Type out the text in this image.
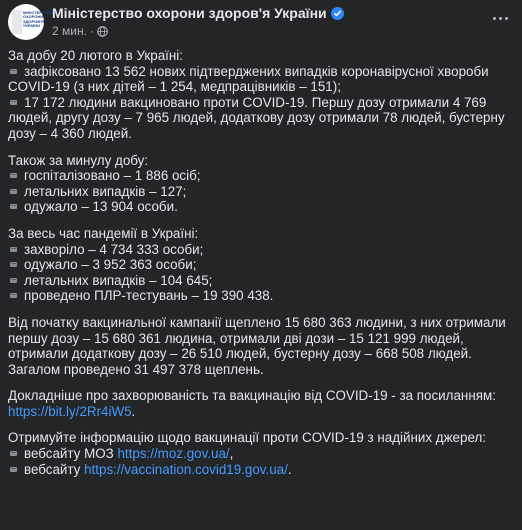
МІНІСТЕРСТВО ОХОРОНИ ЗДОРОВ'Я УКРАЇНИ
Міністерство охорони здоров'я України
2 мин. ·
За добу 20 лютого в Україні:
зафіксовано 13 562 нових підтверджених випадків коронавірусної хвороби
COVID-19 (з них дітей – 1 254, медпрацівників – 151);
17 172 людини вакциновано проти COVID-19. Першу дозу отримали 4 769
людей, другу дозу – 7 965 людей, додаткову дозу отримали 78 людей, бустерну
дозу – 4 360 людей.
Також за минулу добу:
госпіталізовано – 1 886 осіб;
летальних випадків – 127;
одужало – 13 904 особи.
За весь час пандемії в Україні:
захворіло – 4 734 333 особи;
одужало – 3 952 363 особи;
летальних випадків – 104 645;
проведено ПЛР-тестувань – 19 390 438.
Від початку вакцинальної кампанії щеплено 15 680 363 людини, з них отримали
першу дозу – 15 680 361 людина, отримали дві дози – 15 121 999 людей,
отримали додаткову дозу – 26 510 людей, бустерну дозу – 668 508 людей.
Загалом проведено 31 497 378 щеплень.
Докладніше про захворюваність та вакцинацію від COVID-19 - за посиланням:
https://bit.ly/2Rr4iW5.
Отримуйте інформацію щодо вакцинації проти COVID-19 з надійних джерел:
вебсайту МОЗ https://moz.gov.ua/,
вебсайту https://vaccination.covid19.gov.ua/.
